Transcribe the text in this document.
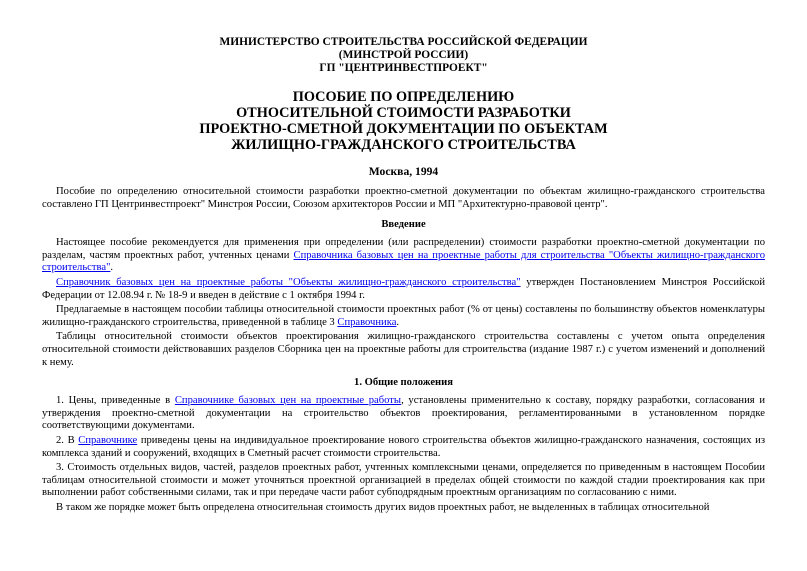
МИНИСТЕРСТВО СТРОИТЕЛЬСТВА РОССИЙСКОЙ ФЕДЕРАЦИИ
(МИНСТРОЙ РОССИИ)
ГП "ЦЕНТРИНВЕСТПРОЕКТ"
ПОСОБИЕ ПО ОПРЕДЕЛЕНИЮ
ОТНОСИТЕЛЬНОЙ СТОИМОСТИ РАЗРАБОТКИ
ПРОЕКТНО-СМЕТНОЙ ДОКУМЕНТАЦИИ ПО ОБЪЕКТАМ
ЖИЛИЩНО-ГРАЖДАНСКОГО СТРОИТЕЛЬСТВА
Москва, 1994

Пособие по определению относительной стоимости разработки проектно-сметной документации по объектам жилищно-гражданского строительства составлено ГП Центринвестпроект" Минстроя России, Союзом архитекторов России и МП "Архитектурно-правовой центр".

Введение

Настоящее пособие рекомендуется для применения при определении (или распределении) стоимости разработки проектно-сметной документации по разделам, частям проектных работ, учтенных ценами Справочника базовых цен на проектные работы для строительства "Объекты жилищно-гражданского строительства".

Справочник базовых цен на проектные работы "Объекты жилищно-гражданского строительства" утвержден Постановлением Минстроя Российской Федерации от 12.08.94 г. № 18-9 и введен в действие с 1 октября 1994 г.

Предлагаемые в настоящем пособии таблицы относительной стоимости проектных работ (% от цены) составлены по большинству объектов номенклатуры жилищно-гражданского строительства, приведенной в таблице 3 Справочника.

Таблицы относительной стоимости объектов проектирования жилищно-гражданского строительства составлены с учетом опыта определения относительной стоимости действовавших разделов Сборника цен на проектные работы для строительства (издание 1987 г.) с учетом изменений и дополнений к нему.

1. Общие положения

1. Цены, приведенные в Справочнике базовых цен на проектные работы, установлены применительно к составу, порядку разработки, согласования и утверждения проектно-сметной документации на строительство объектов проектирования, регламентированными в установленном порядке соответствующими документами.

2. В Справочнике приведены цены на индивидуальное проектирование нового строительства объектов жилищно-гражданского назначения, состоящих из комплекса зданий и сооружений, входящих в Сметный расчет стоимости строительства.

3. Стоимость отдельных видов, частей, разделов проектных работ, учтенных комплексными ценами, определяется по приведенным в настоящем Пособии таблицам относительной стоимости и может уточняться проектной организацией в пределах общей стоимости по каждой стадии проектирования как при выполнении работ собственными силами, так и при передаче части работ субподрядным проектным организациям по согласованию с ними.

В таком же порядке может быть определена относительная стоимость других видов проектных работ, не выделенных в таблицах относительной
